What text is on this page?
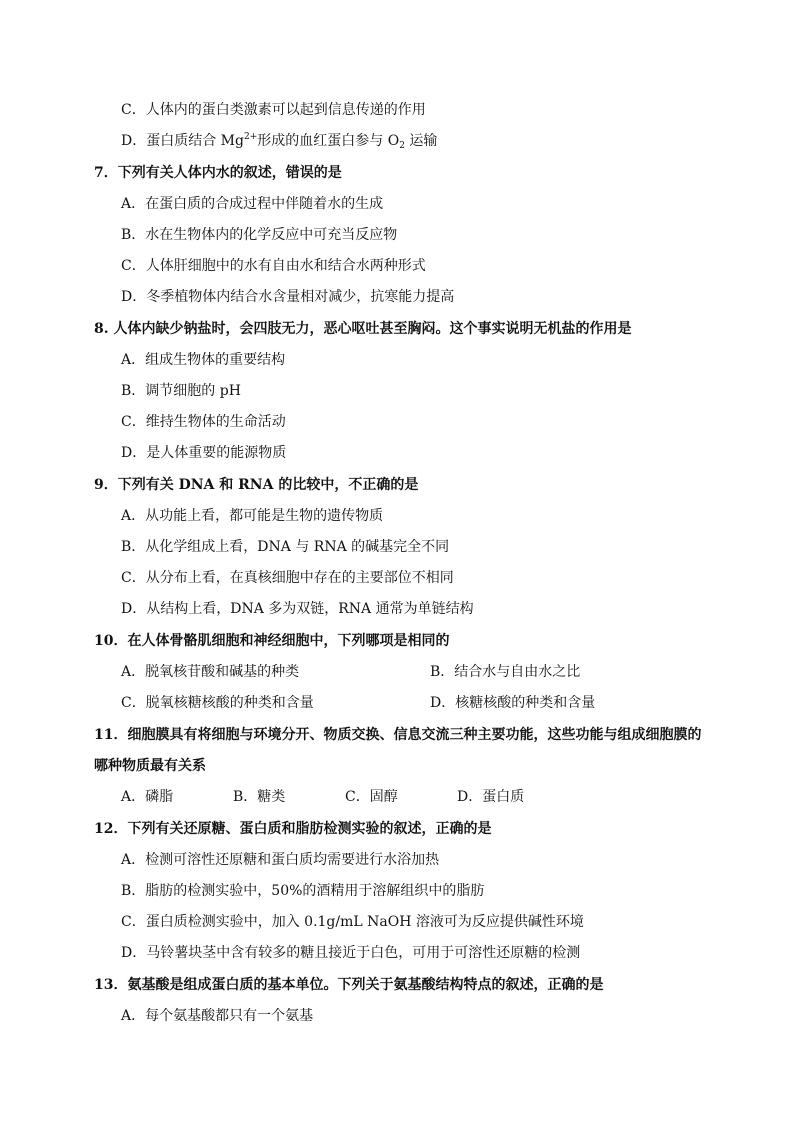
C．人体内的蛋白类激素可以起到信息传递的作用
D．蛋白质结合 $Mg^{2+}$形成的血红蛋白参与 $O_2$ 运输
7．下列有关人体内水的叙述，错误的是
A．在蛋白质的合成过程中伴随着水的生成
B．水在生物体内的化学反应中可充当反应物
C．人体肝细胞中的水有自由水和结合水两种形式
D．冬季植物体内结合水含量相对减少，抗寒能力提高
8. 人体内缺少钠盐时，会四肢无力，恶心呕吐甚至胸闷。这个事实说明无机盐的作用是
A．组成生物体的重要结构
B．调节细胞的 pH
C．维持生物体的生命活动
D．是人体重要的能源物质
9．下列有关 DNA 和 RNA 的比较中，不正确的是
A．从功能上看，都可能是生物的遗传物质
B．从化学组成上看，DNA 与 RNA 的碱基完全不同
C．从分布上看，在真核细胞中存在的主要部位不相同
D．从结构上看，DNA 多为双链，RNA 通常为单链结构
10．在人体骨骼肌细胞和神经细胞中，下列哪项是相同的
A．脱氧核苷酸和碱基的种类	B．结合水与自由水之比
C．脱氧核糖核酸的种类和含量	D．核糖核酸的种类和含量
11．细胞膜具有将细胞与环境分开、物质交换、信息交流三种主要功能，这些功能与组成细胞膜的
哪种物质最有关系
A．磷脂	B．糖类	C．固醇	D．蛋白质
12．下列有关还原糖、蛋白质和脂肪检测实验的叙述，正确的是
A．检测可溶性还原糖和蛋白质均需要进行水浴加热
B．脂肪的检测实验中，50%的酒精用于溶解组织中的脂肪
C．蛋白质检测实验中，加入 0.1g/mL NaOH 溶液可为反应提供碱性环境
D．马铃薯块茎中含有较多的糖且接近于白色，可用于可溶性还原糖的检测
13．氨基酸是组成蛋白质的基本单位。下列关于氨基酸结构特点的叙述，正确的是
A．每个氨基酸都只有一个氨基
